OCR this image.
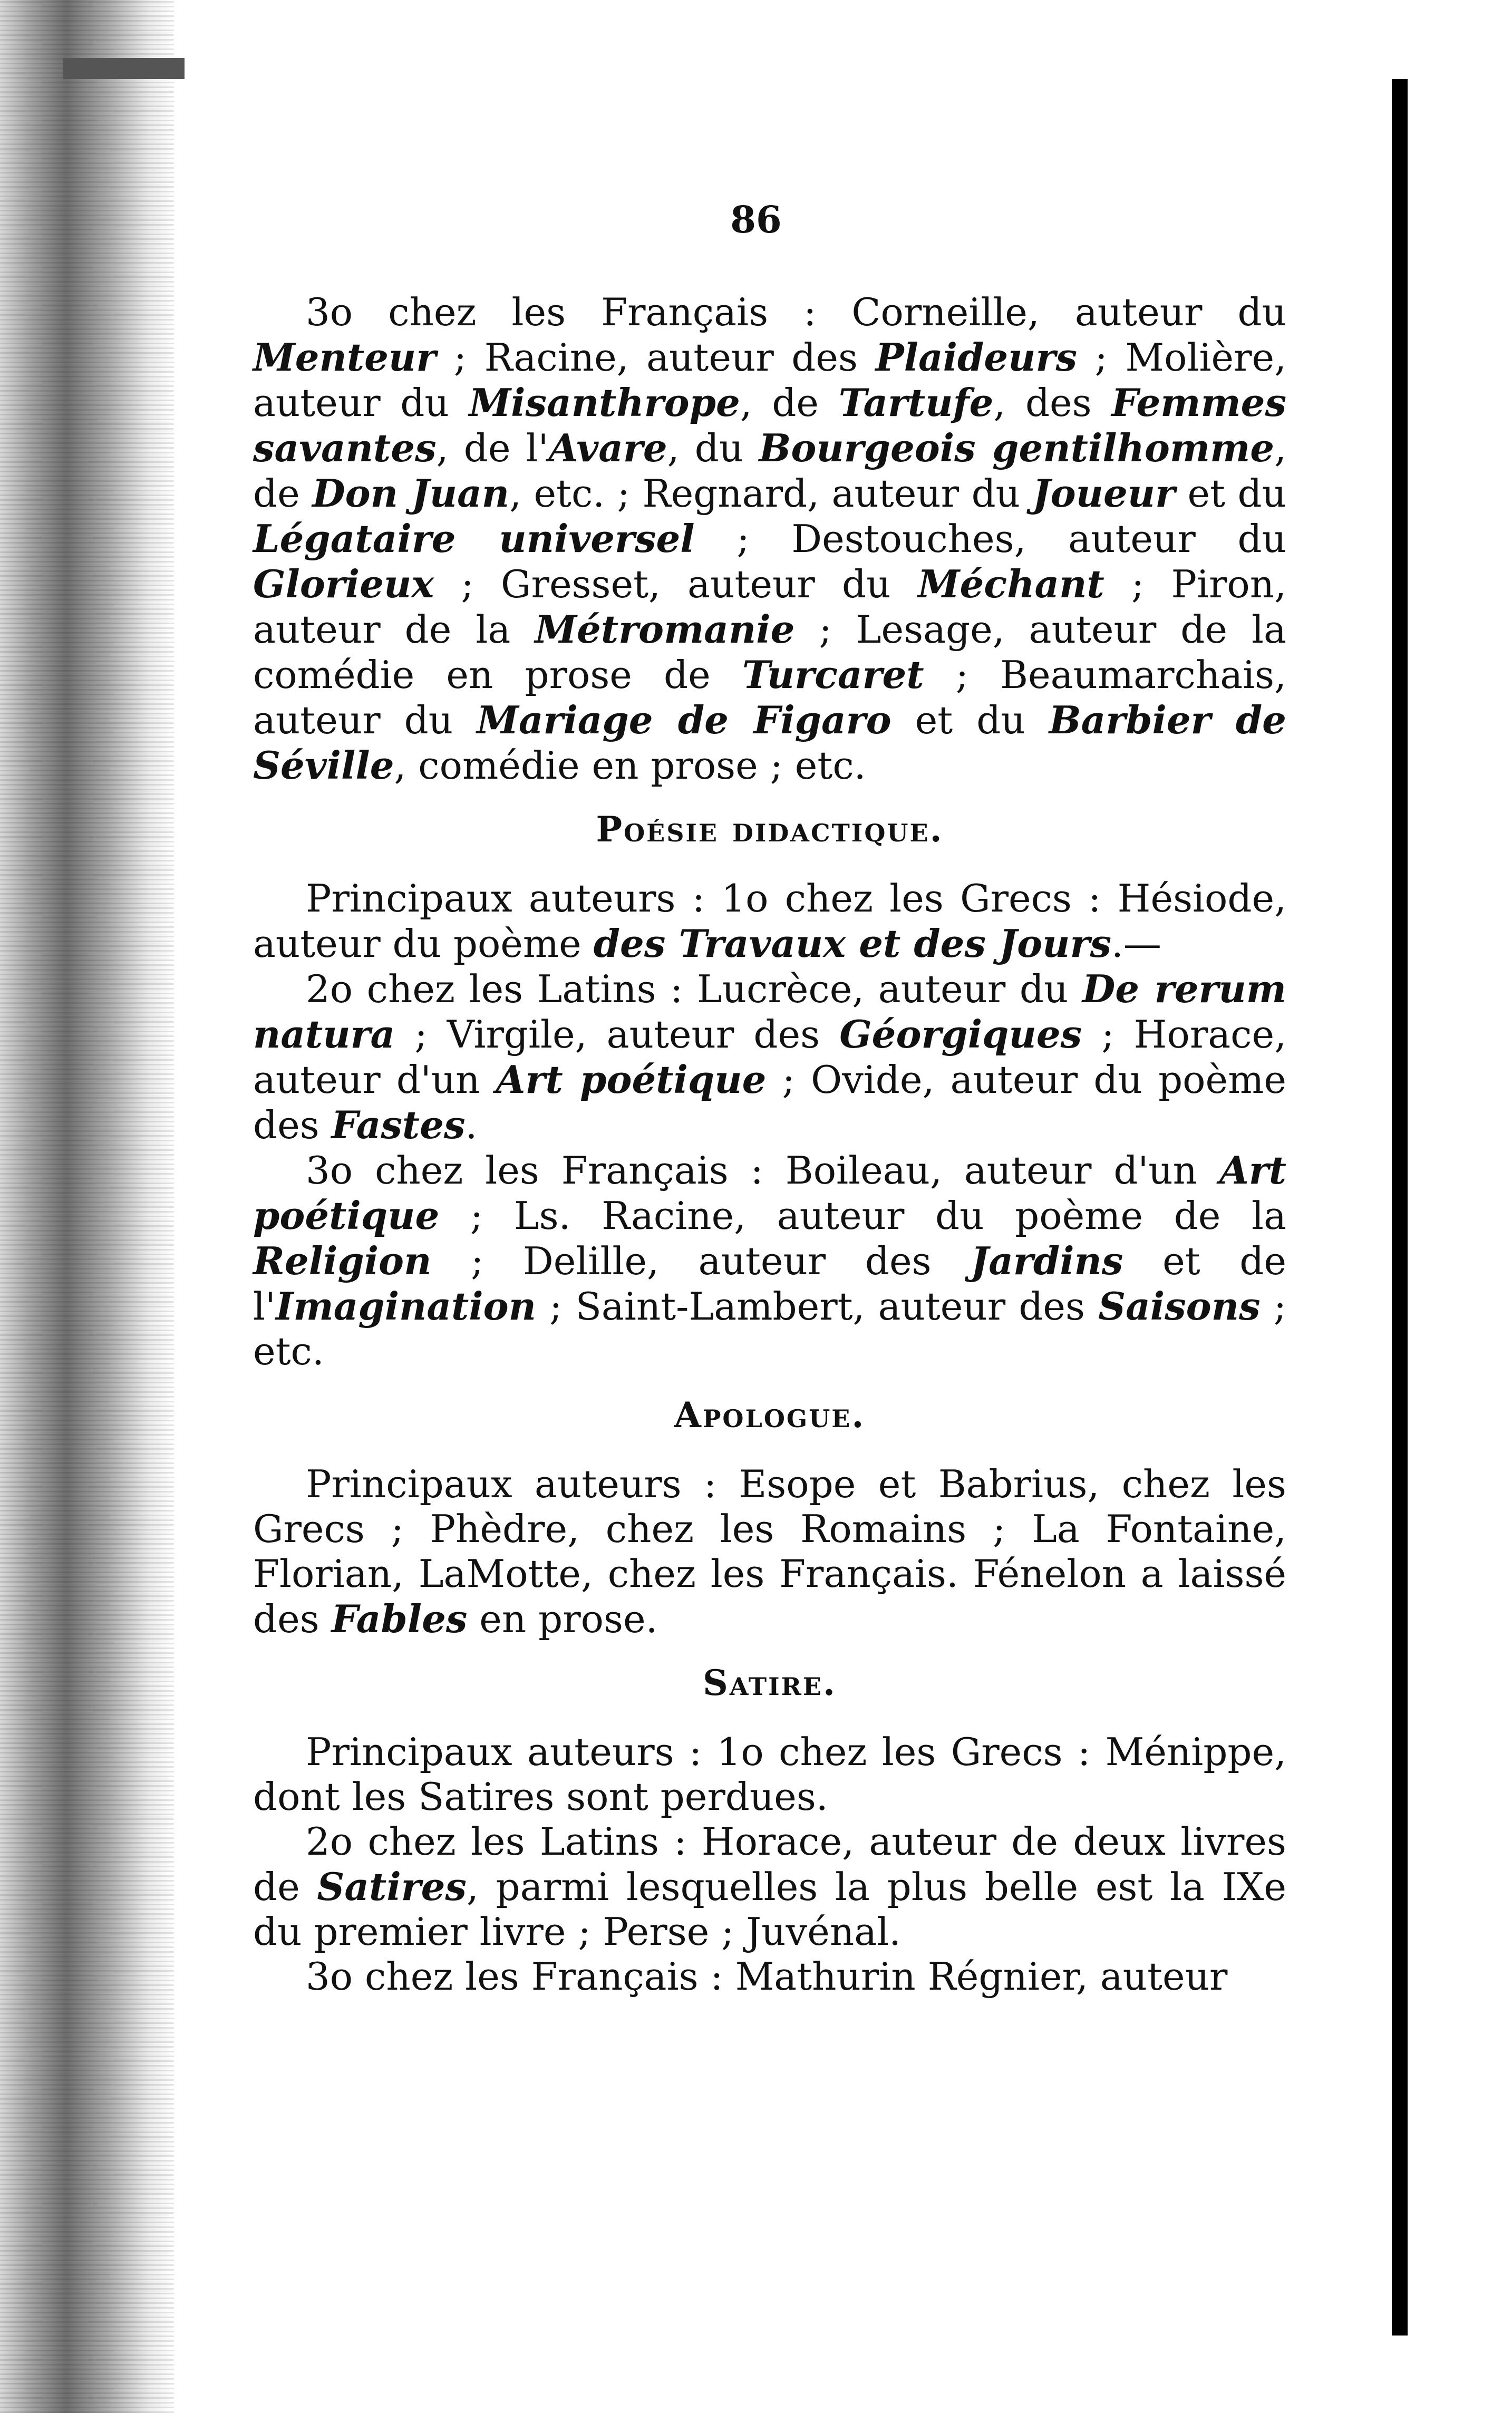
86

3o chez les Français : Corneille, auteur du Menteur ; Racine, auteur des Plaideurs ; Molière, auteur du Misanthrope, de Tartufe, des Femmes savantes, de l'Avare, du Bourgeois gentilhomme, de Don Juan, etc. ; Regnard, auteur du Joueur et du Légataire universel ; Destouches, auteur du Glorieux ; Gresset, auteur du Méchant ; Piron, auteur de la Métromanie ; Lesage, auteur de la comédie en prose de Turcaret ; Beaumarchais, auteur du Mariage de Figaro et du Barbier de Séville, comédie en prose ; etc.

Poésie didactique.

Principaux auteurs : 1o chez les Grecs : Hésiode, auteur du poème des Travaux et des Jours.—

2o chez les Latins : Lucrèce, auteur du De rerum natura ; Virgile, auteur des Géorgiques ; Horace, auteur d'un Art poétique ; Ovide, auteur du poème des Fastes.

3o chez les Français : Boileau, auteur d'un Art poétique ; Ls. Racine, auteur du poème de la Religion ; Delille, auteur des Jardins et de l'Imagination ; Saint-Lambert, auteur des Saisons ; etc.

Apologue.

Principaux auteurs : Esope et Babrius, chez les Grecs ; Phèdre, chez les Romains ; La Fontaine, Florian, LaMotte, chez les Français. Fénelon a laissé des Fables en prose.

Satire.

Principaux auteurs : 1o chez les Grecs : Ménippe, dont les Satires sont perdues.

2o chez les Latins : Horace, auteur de deux livres de Satires, parmi lesquelles la plus belle est la IXe du premier livre ; Perse ; Juvénal.

3o chez les Français : Mathurin Régnier, auteur
